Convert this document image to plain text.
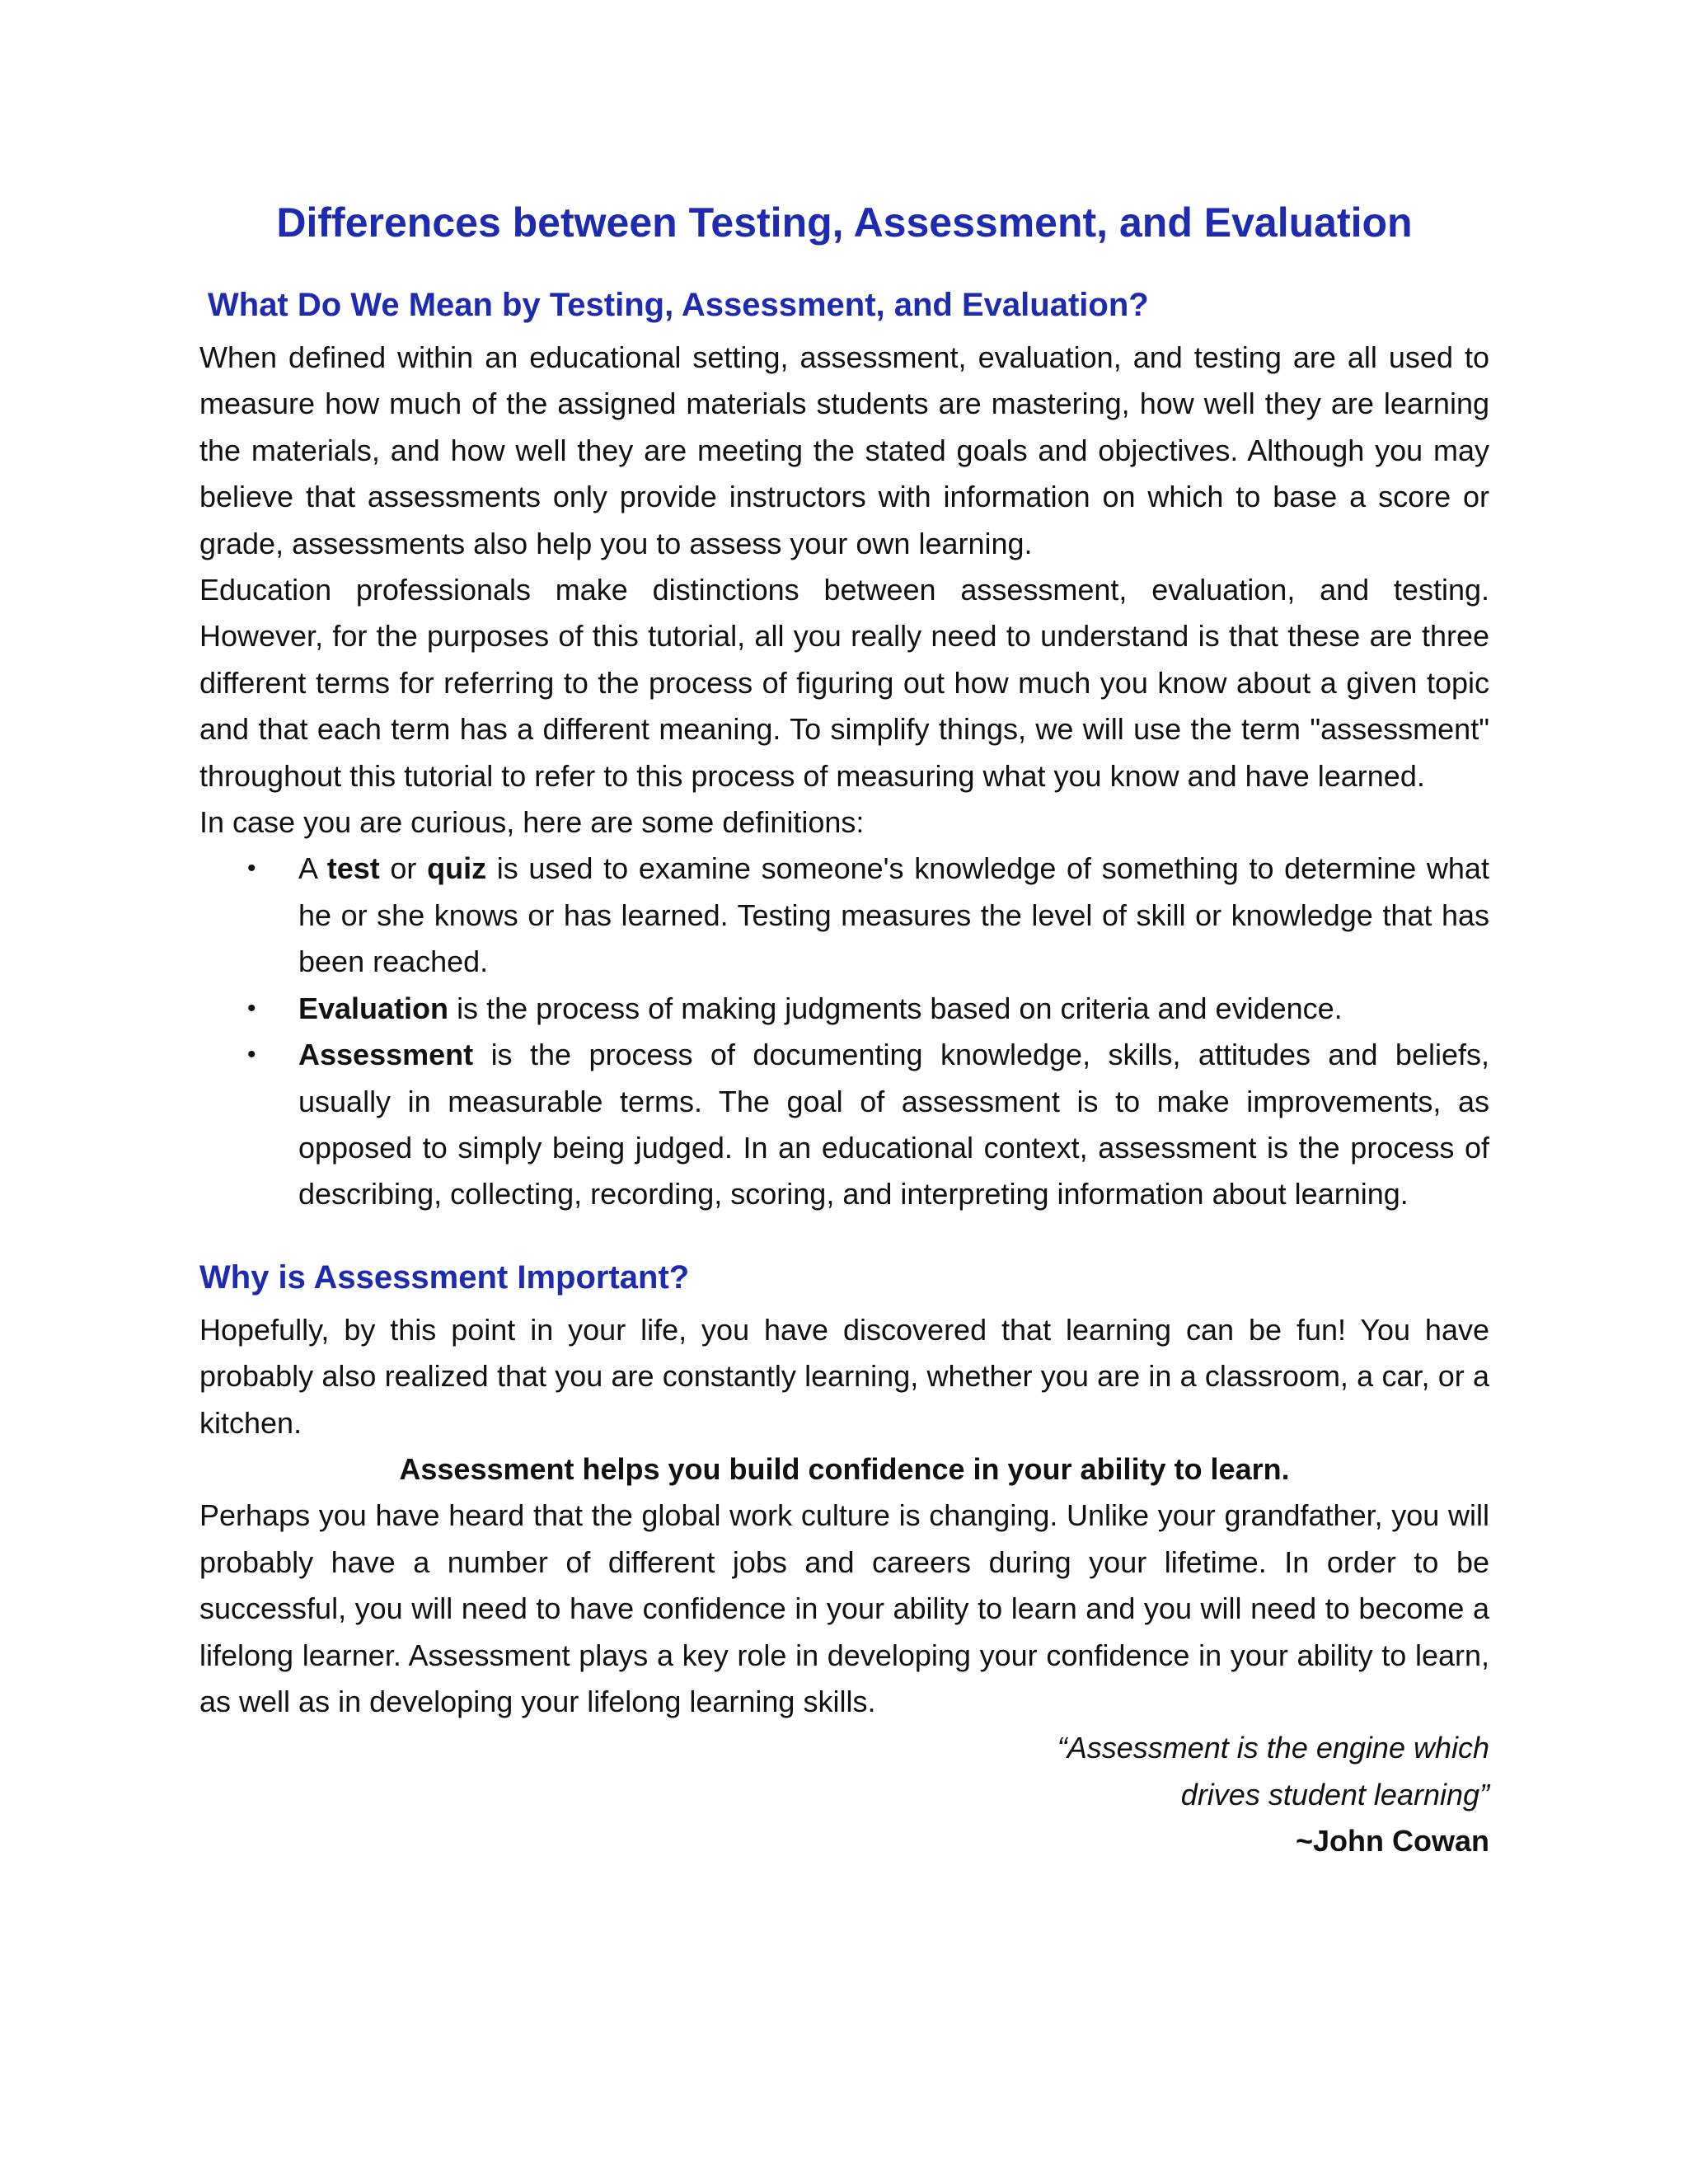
Differences between Testing, Assessment, and Evaluation
What Do We Mean by Testing, Assessment, and Evaluation?

When defined within an educational setting, assessment, evaluation, and testing are all used to measure how much of the assigned materials students are mastering, how well they are learning the materials, and how well they are meeting the stated goals and objectives. Although you may believe that assessments only provide instructors with information on which to base a score or grade, assessments also help you to assess your own learning.

Education professionals make distinctions between assessment, evaluation, and testing. However, for the purposes of this tutorial, all you really need to understand is that these are three different terms for referring to the process of figuring out how much you know about a given topic and that each term has a different meaning. To simplify things, we will use the term "assessment" throughout this tutorial to refer to this process of measuring what you know and have learned.

In case you are curious, here are some definitions:

• A test or quiz is used to examine someone's knowledge of something to determine what he or she knows or has learned. Testing measures the level of skill or knowledge that has been reached.
• Evaluation is the process of making judgments based on criteria and evidence.
• Assessment is the process of documenting knowledge, skills, attitudes and beliefs, usually in measurable terms. The goal of assessment is to make improvements, as opposed to simply being judged. In an educational context, assessment is the process of describing, collecting, recording, scoring, and interpreting information about learning.
Why is Assessment Important?

Hopefully, by this point in your life, you have discovered that learning can be fun! You have probably also realized that you are constantly learning, whether you are in a classroom, a car, or a kitchen.

Assessment helps you build confidence in your ability to learn.

Perhaps you have heard that the global work culture is changing. Unlike your grandfather, you will probably have a number of different jobs and careers during your lifetime. In order to be successful, you will need to have confidence in your ability to learn and you will need to become a lifelong learner. Assessment plays a key role in developing your confidence in your ability to learn, as well as in developing your lifelong learning skills.

“Assessment is the engine which

drives student learning”

~John Cowan
